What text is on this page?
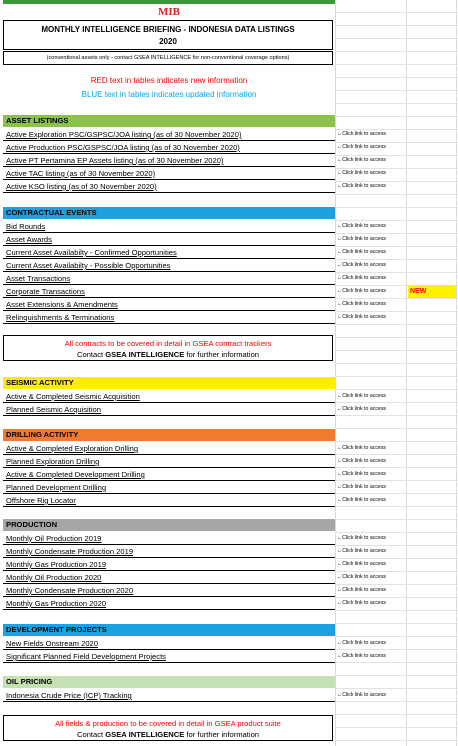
MIB
MONTHLY INTELLIGENCE BRIEFING - INDONESIA DATA LISTINGS
2020
(conventional assets only - contact GSEA INTELLIGENCE for non-conventional coverage options)
RED text in tables indicates new information
BLUE text in tables indicates updated information
ASSET LISTINGS
Active Exploration PSC/GSPSC/JOA listing (as of 30 November 2020)	←Click link to access
Active Production PSC/GSPSC/JOA listing (as of 30 November 2020)	←Click link to access
Active PT Pertamina EP Assets listing (as of 30 November 2020)	←Click link to access
Active TAC listing (as of 30 November 2020)	←Click link to access
Active KSO listing (as of 30 November 2020)	←Click link to access
CONTRACTUAL EVENTS
Bid Rounds	←Click link to access
Asset Awards	←Click link to access
Current Asset Availabilty - Confirmed Opportunities	←Click link to access
Current Asset Availabilty - Possible Opportunities	←Click link to access
Asset Transactions	←Click link to access
Corporate Transactions	←Click link to access	NEW
Asset Extensions & Amendments	←Click link to access
Relinquishments & Terminations	←Click link to access
SEISMIC ACTIVITY
Active & Completed Seismic Acquisition	←Click link to access
Planned Seismic Acquisition	←Click link to access
DRILLING ACTIVITY
Active & Completed Exploration Drilling	←Click link to access
Planned Exploration Drilling	←Click link to access
Active & Completed Development Drilling	←Click link to access
Planned Development Drilling	←Click link to access
Offshore Rig Locator	←Click link to access
PRODUCTION
Monthly Oil Production 2019	←Click link to access
Monthly Condensate Production 2019	←Click link to access
Monthly Gas Production 2019	←Click link to access
Monthly Oil Production 2020	←Click link to access
Monthly Condensate Production 2020	←Click link to access
Monthly Gas Production 2020	←Click link to access
DEVELOPMENT PROJECTS
New Fields Onstream 2020	←Click link to access
Significant Planned Field Development Projects	←Click link to access
OIL PRICING
Indonesia Crude Price (ICP) Tracking	←Click link to access
All contracts to be covered in detail in GSEA contract trackers
Contact GSEA INTELLIGENCE for further information
All fields & production to be covered in detail in GSEA product suite
Contact GSEA INTELLIGENCE for further information
